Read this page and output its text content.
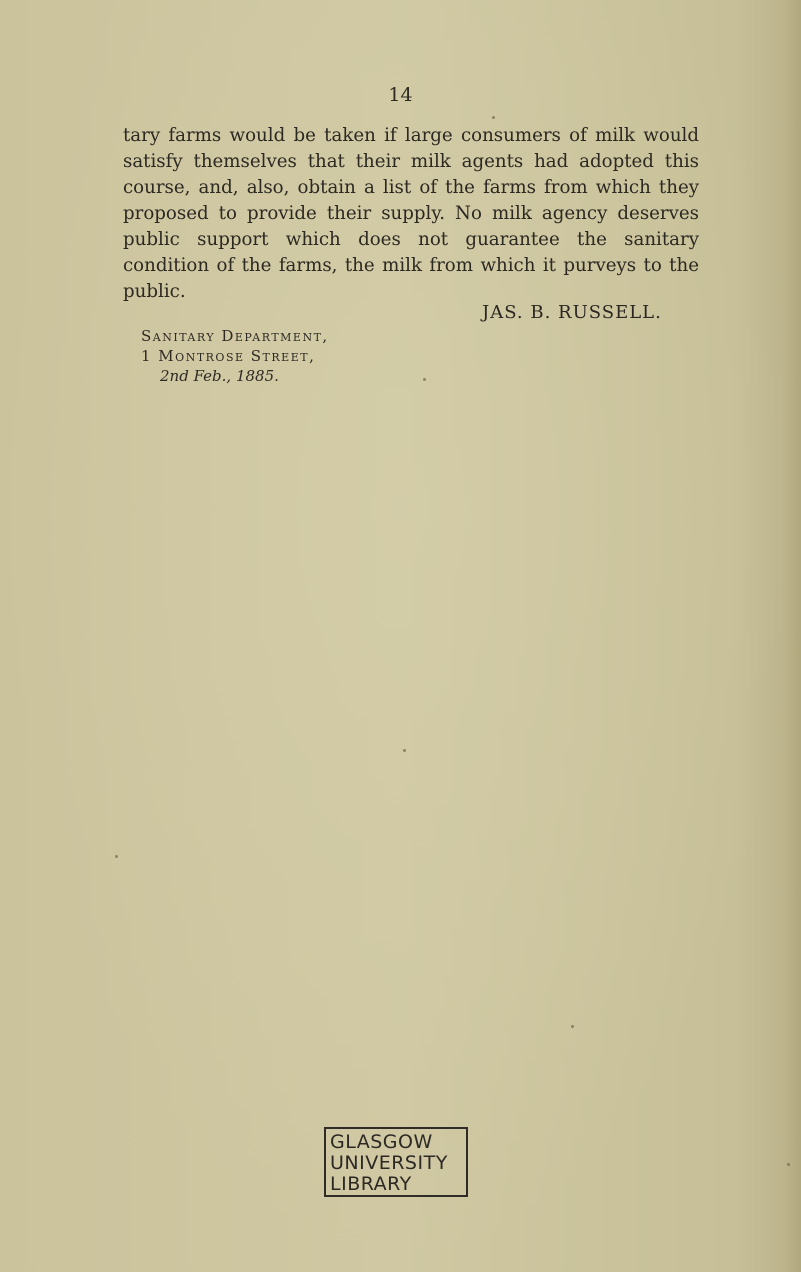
14

tary farms would be taken if large consumers of milk would satisfy themselves that their milk agents had adopted this course, and, also, obtain a list of the farms from which they proposed to provide their supply. No milk agency deserves public support which does not guarantee the sanitary condition of the farms, the milk from which it purveys to the public.

JAS. B. RUSSELL.
Sanitary Department,
1 Montrose Street,
2nd Feb., 1885.
GLASGOW
UNIVERSITY
LIBRARY
